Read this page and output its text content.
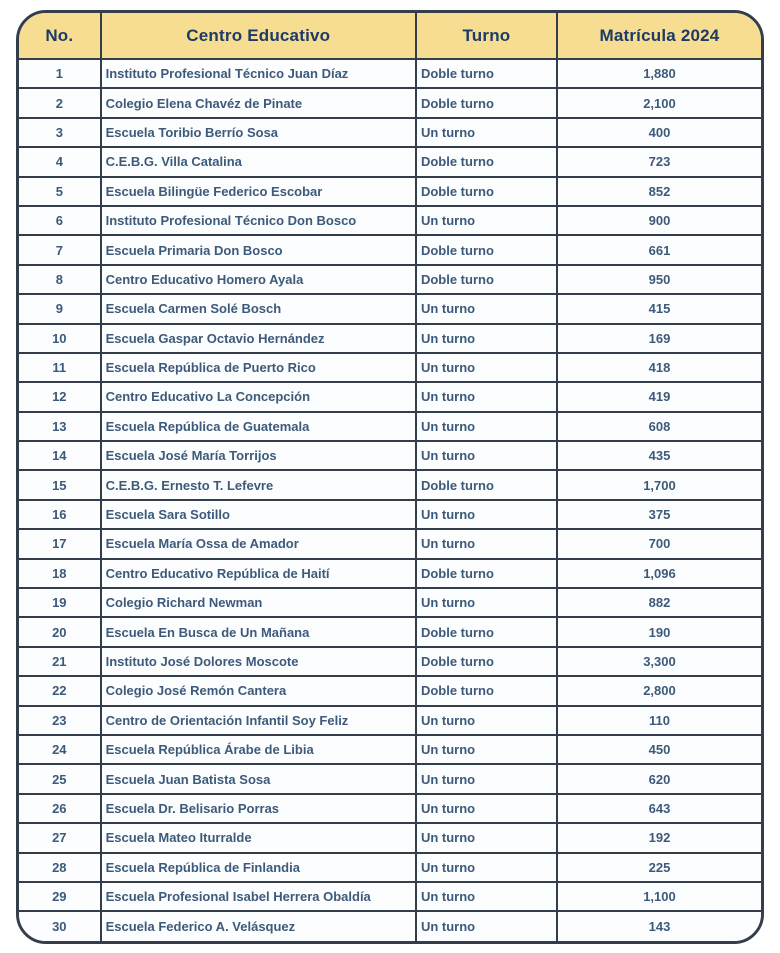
No.	Centro Educativo	Turno	Matrícula 2024
1	Instituto Profesional Técnico Juan Díaz	Doble turno	1,880
2	Colegio Elena Chavéz de Pinate	Doble turno	2,100
3	Escuela Toribio Berrío Sosa	Un turno	400
4	C.E.B.G. Villa Catalina	Doble turno	723
5	Escuela Bilingüe Federico Escobar	Doble turno	852
6	Instituto Profesional Técnico Don Bosco	Un turno	900
7	Escuela Primaria Don Bosco	Doble turno	661
8	Centro Educativo Homero Ayala	Doble turno	950
9	Escuela Carmen Solé Bosch	Un turno	415
10	Escuela Gaspar Octavio Hernández	Un turno	169
11	Escuela República de Puerto Rico	Un turno	418
12	Centro Educativo La Concepción	Un turno	419
13	Escuela República de Guatemala	Un turno	608
14	Escuela José María Torrijos	Un turno	435
15	C.E.B.G. Ernesto T. Lefevre	Doble turno	1,700
16	Escuela Sara Sotillo	Un turno	375
17	Escuela María Ossa de Amador	Un turno	700
18	Centro Educativo República de Haití	Doble turno	1,096
19	Colegio Richard Newman	Un turno	882
20	Escuela En Busca de Un Mañana	Doble turno	190
21	Instituto José Dolores Moscote	Doble turno	3,300
22	Colegio José Remón Cantera	Doble turno	2,800
23	Centro de Orientación Infantil Soy Feliz	Un turno	110
24	Escuela República Árabe de Libia	Un turno	450
25	Escuela Juan Batista Sosa	Un turno	620
26	Escuela Dr. Belisario Porras	Un turno	643
27	Escuela Mateo Iturralde	Un turno	192
28	Escuela República de Finlandia	Un turno	225
29	Escuela Profesional Isabel Herrera Obaldía	Un turno	1,100
30	Escuela Federico A. Velásquez	Un turno	143
